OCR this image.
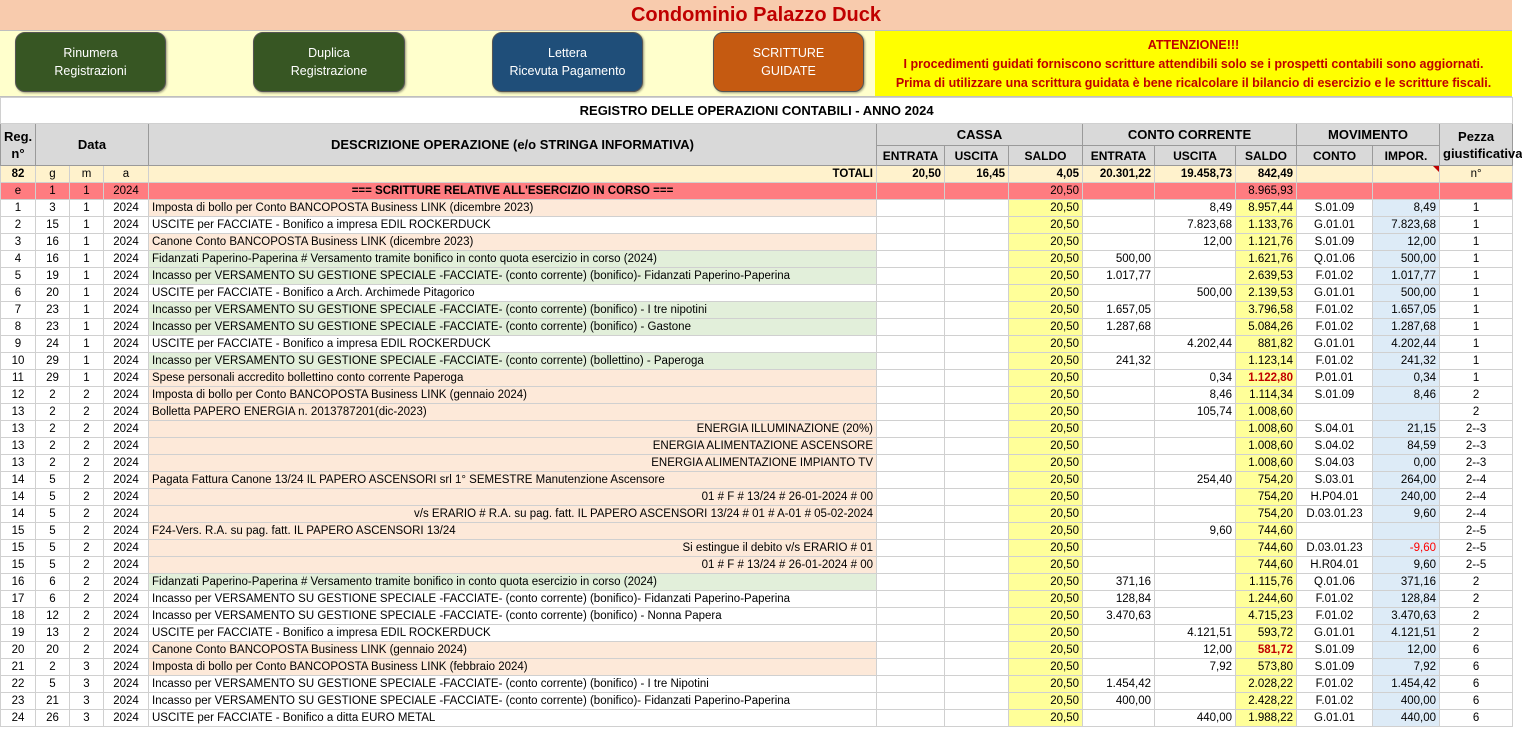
Condominio Palazzo Duck
Rinumera
Registrazioni
Duplica
Registrazione
Lettera
Ricevuta Pagamento
SCRITTURE
GUIDATE
ATTENZIONE!!!
I procedimenti guidati forniscono scritture attendibili solo se i prospetti contabili sono aggiornati.
Prima di utilizzare una scrittura guidata è bene ricalcolare il bilancio di esercizio e le scritture fiscali.
REGISTRO DELLE OPERAZIONI CONTABILI - ANNO 2024													
Reg.
n°	Data			DESCRIZIONE OPERAZIONE (e/o STRINGA INFORMATIVA)	CASSA			CONTO CORRENTE			MOVIMENTO		Pezza
giustificativa
					ENTRATA	USCITA	SALDO	ENTRATA	USCITA	SALDO	CONTO	IMPOR.	
82	g	m	a	TOTALI	20,50	16,45	4,05	20.301,22	19.458,73	842,49			n°
e	1	1	2024	=== SCRITTURE RELATIVE ALL'ESERCIZIO IN CORSO ===			20,50			8.965,93			
1	3	1	2024	Imposta di bollo per Conto BANCOPOSTA Business LINK (dicembre 2023)			20,50		8,49	8.957,44	S.01.09	8,49	1
2	15	1	2024	USCITE per FACCIATE - Bonifico a impresa EDIL ROCKERDUCK			20,50		7.823,68	1.133,76	G.01.01	7.823,68	1
3	16	1	2024	Canone Conto BANCOPOSTA Business LINK (dicembre 2023)			20,50		12,00	1.121,76	S.01.09	12,00	1
4	16	1	2024	Fidanzati Paperino-Paperina # Versamento tramite bonifico in conto quota esercizio in corso (2024)			20,50	500,00		1.621,76	Q.01.06	500,00	1
5	19	1	2024	Incasso per VERSAMENTO SU GESTIONE SPECIALE -FACCIATE- (conto corrente) (bonifico)- Fidanzati Paperino-Paperina			20,50	1.017,77		2.639,53	F.01.02	1.017,77	1
6	20	1	2024	USCITE per FACCIATE - Bonifico a Arch. Archimede Pitagorico			20,50		500,00	2.139,53	G.01.01	500,00	1
7	23	1	2024	Incasso per VERSAMENTO SU GESTIONE SPECIALE -FACCIATE- (conto corrente) (bonifico) - I tre nipotini			20,50	1.657,05		3.796,58	F.01.02	1.657,05	1
8	23	1	2024	Incasso per VERSAMENTO SU GESTIONE SPECIALE -FACCIATE- (conto corrente) (bonifico) - Gastone			20,50	1.287,68		5.084,26	F.01.02	1.287,68	1
9	24	1	2024	USCITE per FACCIATE - Bonifico a impresa EDIL ROCKERDUCK			20,50		4.202,44	881,82	G.01.01	4.202,44	1
10	29	1	2024	Incasso per VERSAMENTO SU GESTIONE SPECIALE -FACCIATE- (conto corrente) (bollettino) - Paperoga			20,50	241,32		1.123,14	F.01.02	241,32	1
11	29	1	2024	Spese personali accredito bollettino conto corrente Paperoga			20,50		0,34	1.122,80	P.01.01	0,34	1
12	2	2	2024	Imposta di bollo per Conto BANCOPOSTA Business LINK (gennaio 2024)			20,50		8,46	1.114,34	S.01.09	8,46	2
13	2	2	2024	Bolletta PAPERO ENERGIA n. 2013787201(dic-2023)			20,50		105,74	1.008,60			2
13	2	2	2024	ENERGIA ILLUMINAZIONE (20%)			20,50			1.008,60	S.04.01	21,15	2--3
13	2	2	2024	ENERGIA ALIMENTAZIONE ASCENSORE			20,50			1.008,60	S.04.02	84,59	2--3
13	2	2	2024	ENERGIA ALIMENTAZIONE IMPIANTO TV			20,50			1.008,60	S.04.03	0,00	2--3
14	5	2	2024	Pagata Fattura Canone 13/24 IL PAPERO ASCENSORI srl 1° SEMESTRE Manutenzione Ascensore			20,50		254,40	754,20	S.03.01	264,00	2--4
14	5	2	2024	01 # F # 13/24 # 26-01-2024 # 00			20,50			754,20	H.P04.01	240,00	2--4
14	5	2	2024	v/s ERARIO # R.A. su pag. fatt. IL PAPERO ASCENSORI 13/24 # 01 # A-01 # 05-02-2024			20,50			754,20	D.03.01.23	9,60	2--4
15	5	2	2024	F24-Vers. R.A. su pag. fatt. IL PAPERO ASCENSORI 13/24			20,50		9,60	744,60			2--5
15	5	2	2024	Si estingue il debito v/s ERARIO # 01			20,50			744,60	D.03.01.23	-9,60	2--5
15	5	2	2024	01 # F # 13/24 # 26-01-2024 # 00			20,50			744,60	H.R04.01	9,60	2--5
16	6	2	2024	Fidanzati Paperino-Paperina # Versamento tramite bonifico in conto quota esercizio in corso (2024)			20,50	371,16		1.115,76	Q.01.06	371,16	2
17	6	2	2024	Incasso per VERSAMENTO SU GESTIONE SPECIALE -FACCIATE- (conto corrente) (bonifico)- Fidanzati Paperino-Paperina			20,50	128,84		1.244,60	F.01.02	128,84	2
18	12	2	2024	Incasso per VERSAMENTO SU GESTIONE SPECIALE -FACCIATE- (conto corrente) (bonifico) - Nonna Papera			20,50	3.470,63		4.715,23	F.01.02	3.470,63	2
19	13	2	2024	USCITE per FACCIATE - Bonifico a impresa EDIL ROCKERDUCK			20,50		4.121,51	593,72	G.01.01	4.121,51	2
20	20	2	2024	Canone Conto BANCOPOSTA Business LINK (gennaio 2024)			20,50		12,00	581,72	S.01.09	12,00	6
21	2	3	2024	Imposta di bollo per Conto BANCOPOSTA Business LINK (febbraio 2024)			20,50		7,92	573,80	S.01.09	7,92	6
22	5	3	2024	Incasso per VERSAMENTO SU GESTIONE SPECIALE -FACCIATE- (conto corrente) (bonifico) - I tre Nipotini			20,50	1.454,42		2.028,22	F.01.02	1.454,42	6
23	21	3	2024	Incasso per VERSAMENTO SU GESTIONE SPECIALE -FACCIATE- (conto corrente) (bonifico)- Fidanzati Paperino-Paperina			20,50	400,00		2.428,22	F.01.02	400,00	6
24	26	3	2024	USCITE per FACCIATE - Bonifico a ditta EURO METAL			20,50		440,00	1.988,22	G.01.01	440,00	6
